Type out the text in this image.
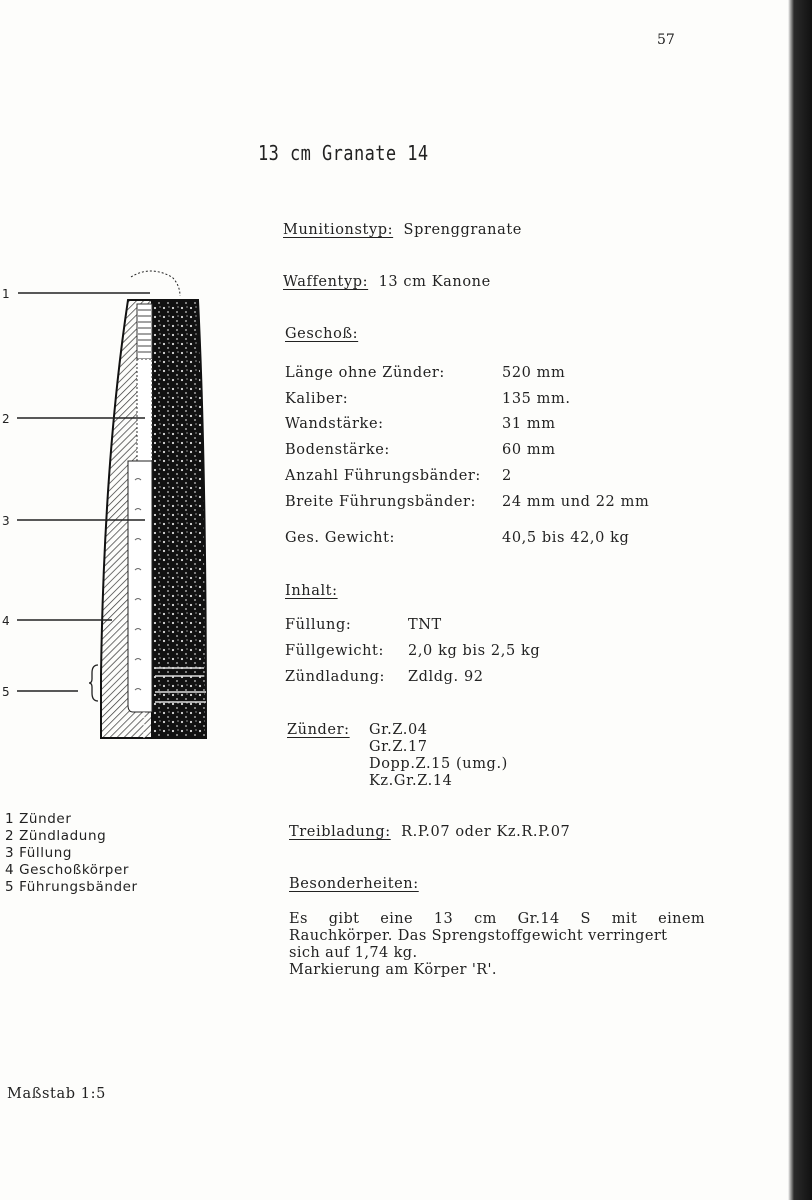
57
13 cm Granate 14
Munitionstyp: Sprenggranate
Waffentyp: 13 cm Kanone
Geschoß:
Länge ohne Zünder:	520 mm
Kaliber:	135 mm.
Wandstärke:	31 mm
Bodenstärke:	60 mm
Anzahl Führungsbänder: 2
Breite Führungsbänder: 24 mm und 22 mm
Ges. Gewicht:	40,5 bis 42,0 kg
Inhalt:
Füllung:	TNT
Füllgewicht: 2,0 kg bis 2,5 kg
Zündladung: Zdldg. 92
Zünder: Gr.Z.04
Gr.Z.17
Dopp.Z.15 (umg.)
Kz.Gr.Z.14
Treibladung: R.P.07 oder Kz.R.P.07
Besonderheiten:
Es gibt eine 13 cm Gr.14 S mit einem
Rauchkörper. Das Sprengstoffgewicht verringert
sich auf 1,74 kg.
Markierung am Körper 'R'.
1
2
3
4
5
1 Zünder
2 Zündladung
3 Füllung
4 Geschoßkörper
5 Führungsbänder
Maßstab 1:5
